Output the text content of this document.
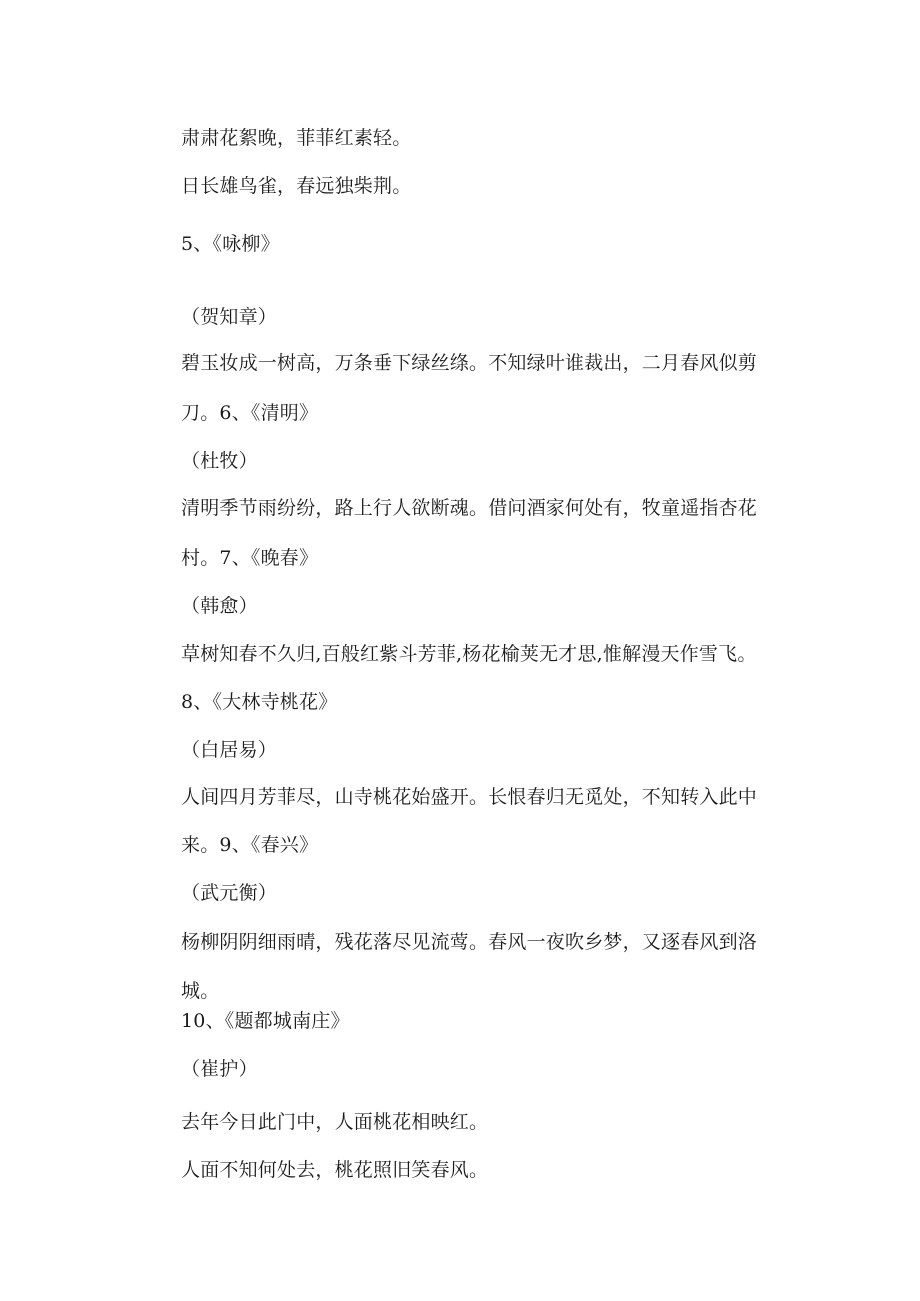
肃肃花絮晚，菲菲红素轻。
日长雄鸟雀，春远独柴荆。
5、《咏柳》
（贺知章）
碧玉妆成一树高，万条垂下绿丝绦。不知绿叶谁裁出，二月春风似剪
刀。6、《清明》
（杜牧）
清明季节雨纷纷，路上行人欲断魂。借问酒家何处有，牧童遥指杏花
村。7、《晚春》
（韩愈）
草树知春不久归,百般红紫斗芳菲,杨花榆荚无才思,惟解漫天作雪飞。
8、《大林寺桃花》
（白居易）
人间四月芳菲尽，山寺桃花始盛开。长恨春归无觅处，不知转入此中
来。9、《春兴》
（武元衡）
杨柳阴阴细雨晴，残花落尽见流莺。春风一夜吹乡梦，又逐春风到洛
城。
10、《题都城南庄》
（崔护）
去年今日此门中，人面桃花相映红。
人面不知何处去，桃花照旧笑春风。
